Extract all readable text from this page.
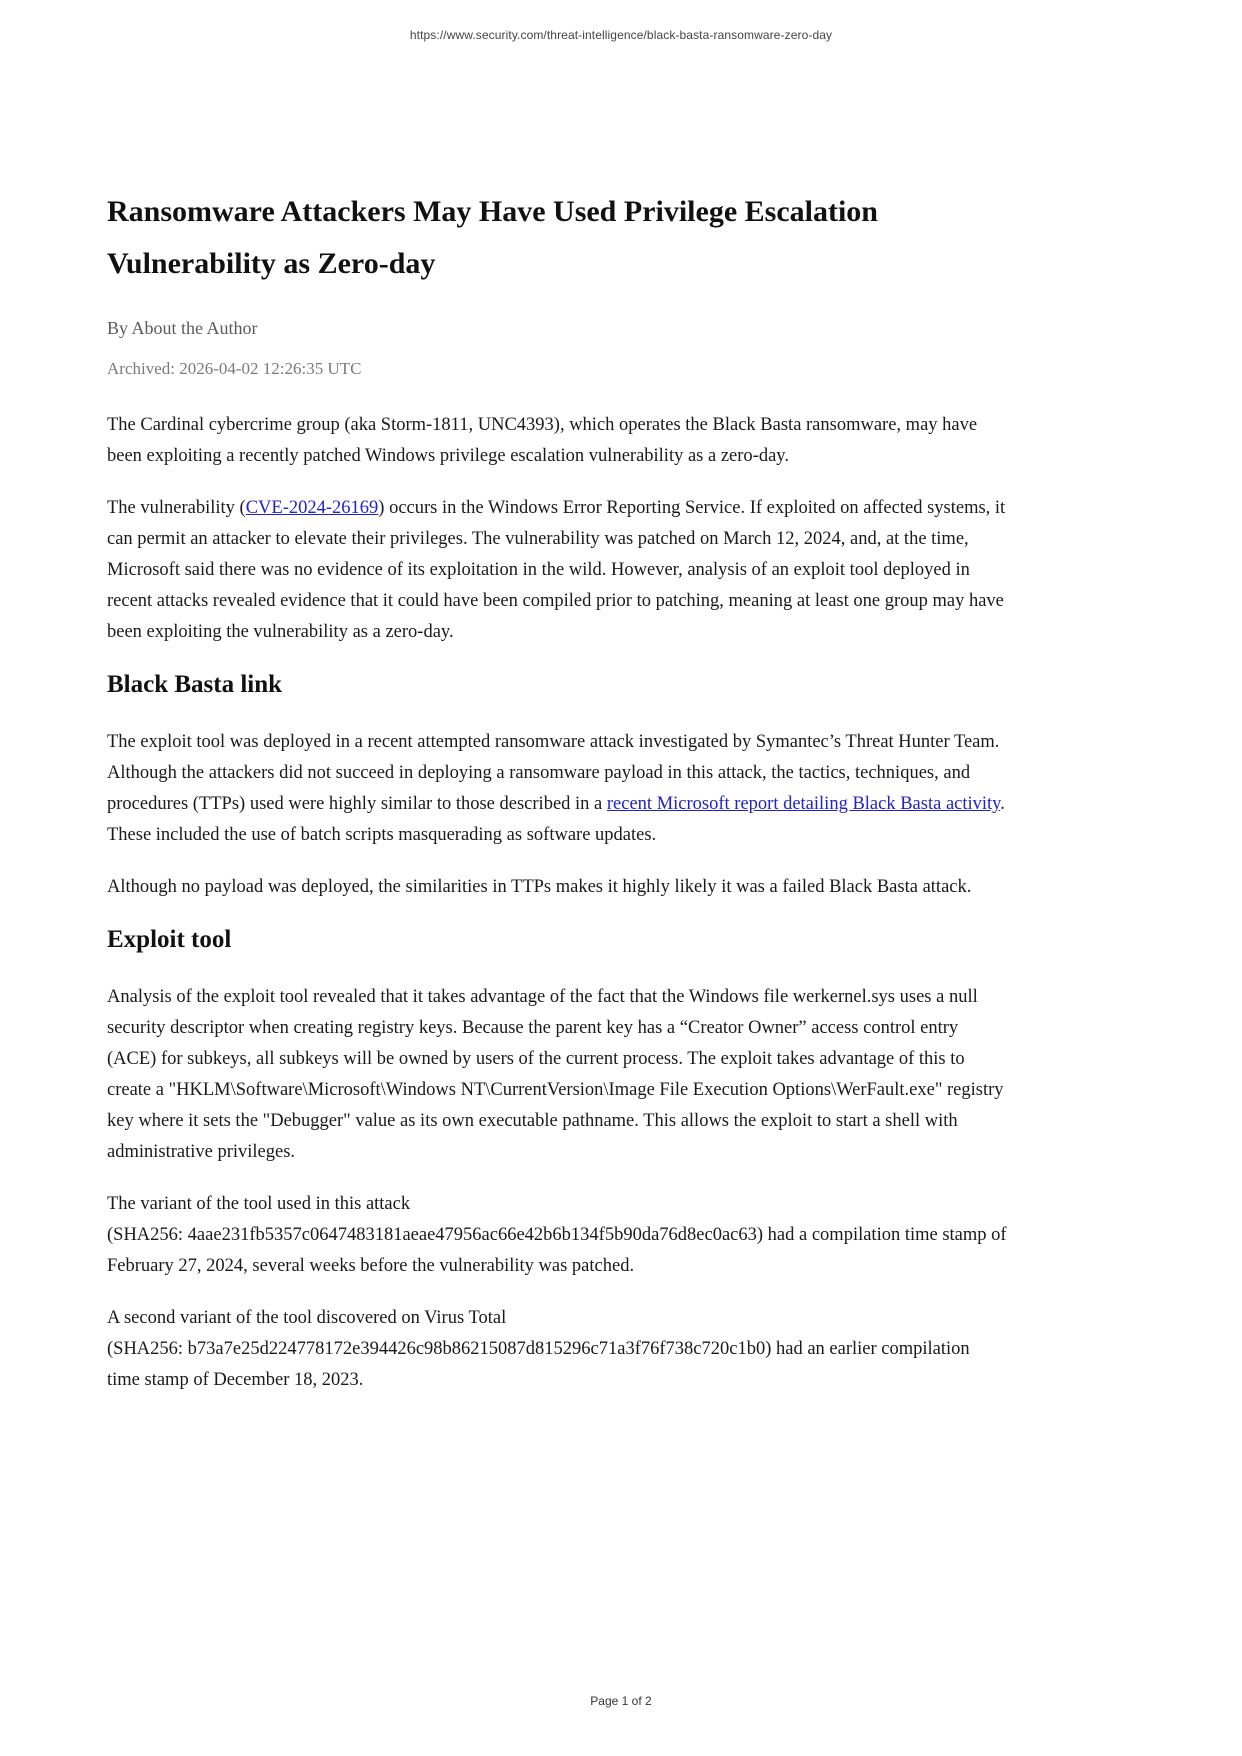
https://www.security.com/threat-intelligence/black-basta-ransomware-zero-day
Ransomware Attackers May Have Used Privilege Escalation Vulnerability as Zero-day

By About the Author

Archived: 2026-04-02 12:26:35 UTC

The Cardinal cybercrime group (aka Storm-1811, UNC4393), which operates the Black Basta ransomware, may have been exploiting a recently patched Windows privilege escalation vulnerability as a zero-day.

The vulnerability (CVE-2024-26169) occurs in the Windows Error Reporting Service. If exploited on affected systems, it can permit an attacker to elevate their privileges. The vulnerability was patched on March 12, 2024, and, at the time, Microsoft said there was no evidence of its exploitation in the wild. However, analysis of an exploit tool deployed in recent attacks revealed evidence that it could have been compiled prior to patching, meaning at least one group may have been exploiting the vulnerability as a zero-day.

Black Basta link

The exploit tool was deployed in a recent attempted ransomware attack investigated by Symantec’s Threat Hunter Team. Although the attackers did not succeed in deploying a ransomware payload in this attack, the tactics, techniques, and procedures (TTPs) used were highly similar to those described in a recent Microsoft report detailing Black Basta activity. These included the use of batch scripts masquerading as software updates.

Although no payload was deployed, the similarities in TTPs makes it highly likely it was a failed Black Basta attack.

Exploit tool

Analysis of the exploit tool revealed that it takes advantage of the fact that the Windows file werkernel.sys uses a null security descriptor when creating registry keys. Because the parent key has a “Creator Owner” access control entry (ACE) for subkeys, all subkeys will be owned by users of the current process. The exploit takes advantage of this to create a "HKLM\Software\Microsoft\Windows NT\CurrentVersion\Image File Execution Options\WerFault.exe" registry key where it sets the "Debugger" value as its own executable pathname. This allows the exploit to start a shell with administrative privileges.

The variant of the tool used in this attack
(SHA256: 4aae231fb5357c0647483181aeae47956ac66e42b6b134f5b90da76d8ec0ac63) had a compilation time stamp of February 27, 2024, several weeks before the vulnerability was patched.

A second variant of the tool discovered on Virus Total
(SHA256: b73a7e25d224778172e394426c98b86215087d815296c71a3f76f738c720c1b0) had an earlier compilation time stamp of December 18, 2023.

Page 1 of 2
